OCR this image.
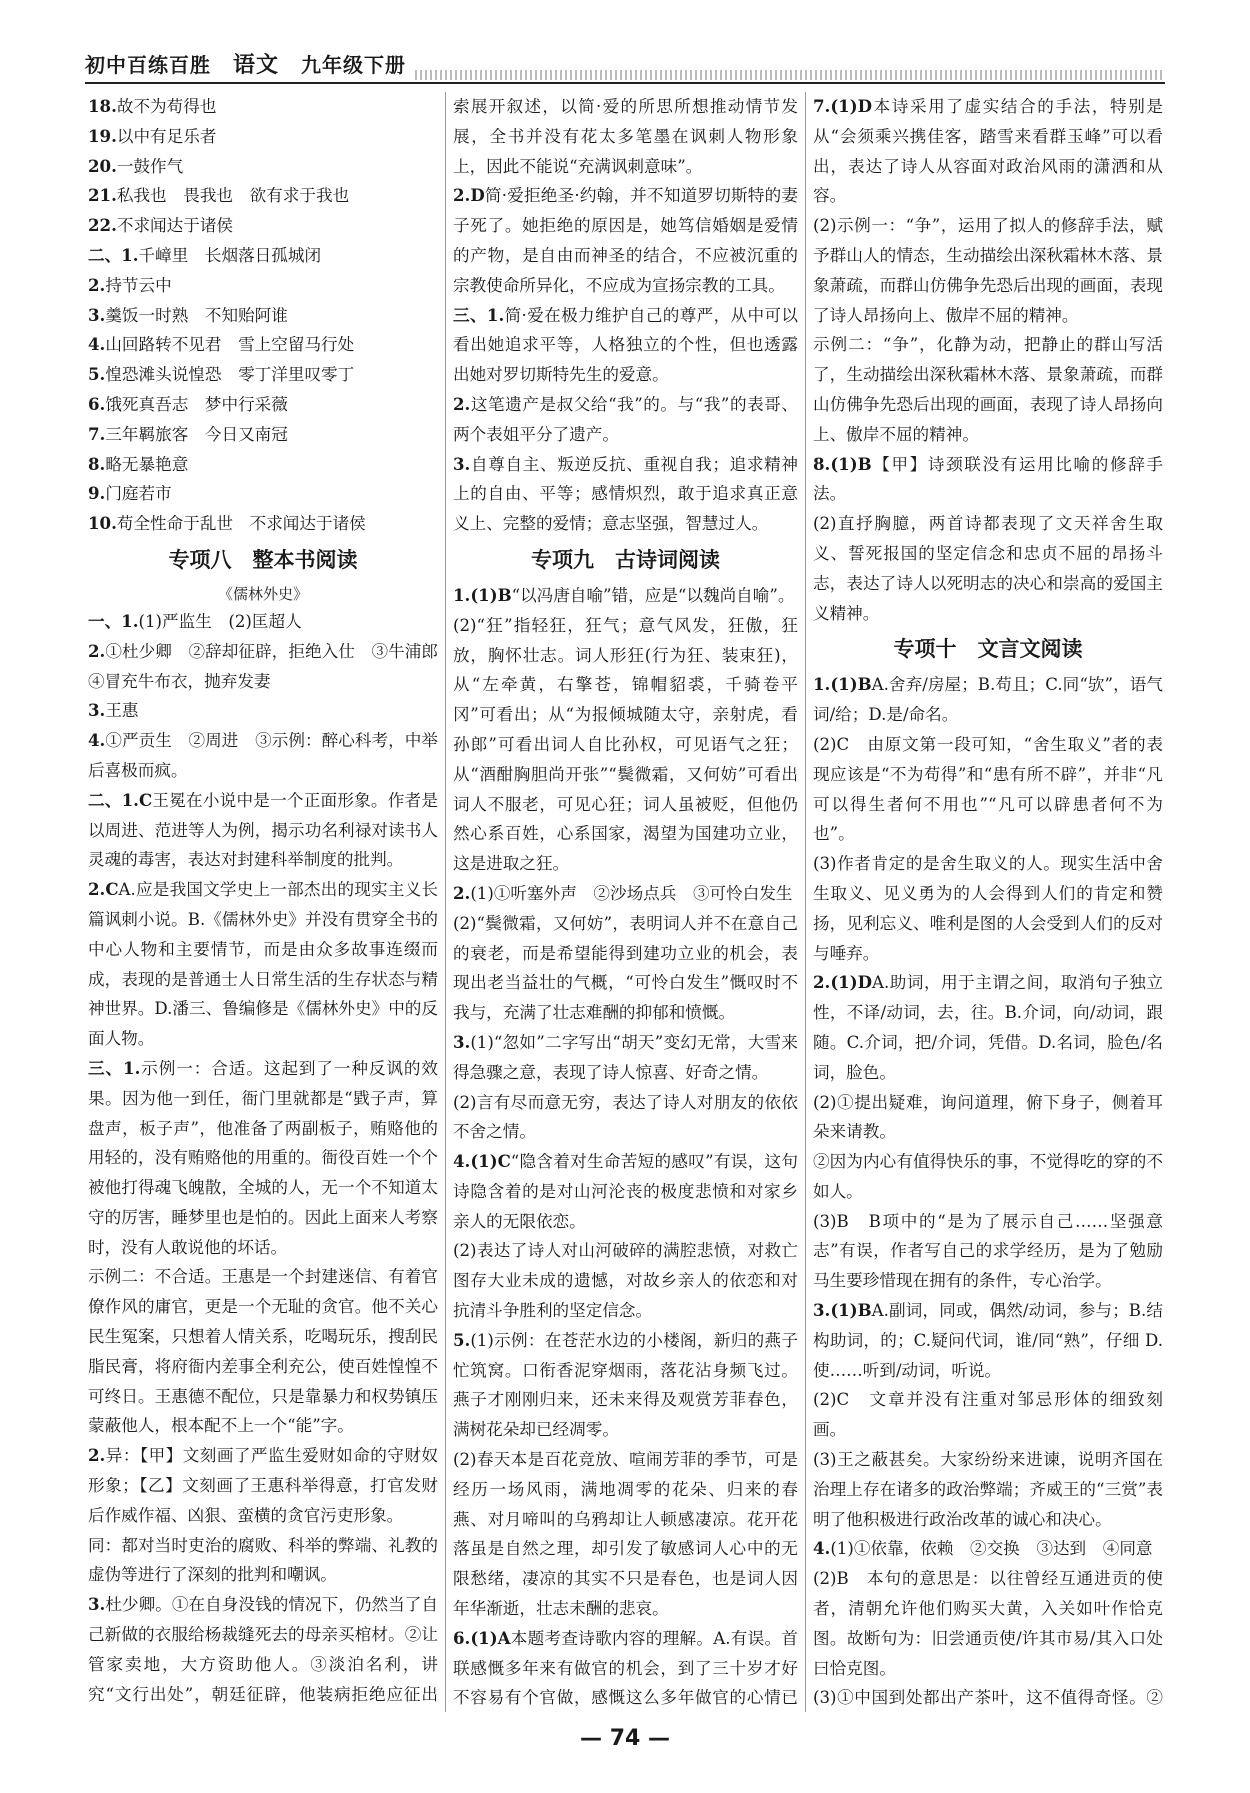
初中百练百胜 语文 九年级下册

18.故不为苟得也

19.以中有足乐者

20.一鼓作气

21.私我也　畏我也　欲有求于我也

22.不求闻达于诸侯

二、1.千嶂里　长烟落日孤城闭

2.持节云中

3.羹饭一时熟　不知贻阿谁

4.山回路转不见君　雪上空留马行处

5.惶恐滩头说惶恐　零丁洋里叹零丁

6.饿死真吾志　梦中行采薇

7.三年羁旅客　今日又南冠

8.略无暴艳意

9.门庭若市

10.苟全性命于乱世　不求闻达于诸侯

专项八　整本书阅读
《儒林外史》

一、1.(1)严监生　(2)匡超人

2.①杜少卿　②辞却征辟，拒绝入仕　③牛浦郎　④冒充牛布衣，抛弃发妻

3.王惠

4.①严贡生　②周进　③示例：醉心科考，中举后喜极而疯。

二、1.C王冕在小说中是一个正面形象。作者是以周进、范进等人为例，揭示功名利禄对读书人灵魂的毒害，表达对封建科举制度的批判。

2.CA.应是我国文学史上一部杰出的现实主义长篇讽刺小说。B.《儒林外史》并没有贯穿全书的中心人物和主要情节，而是由众多故事连缀而成，表现的是普通士人日常生活的生存状态与精神世界。D.潘三、鲁编修是《儒林外史》中的反面人物。

三、1.示例一：合适。这起到了一种反讽的效果。因为他一到任，衙门里就都是“戥子声，算盘声，板子声”，他准备了两副板子，贿赂他的用轻的，没有贿赂他的用重的。衙役百姓一个个被他打得魂飞魄散，全城的人，无一个不知道太守的厉害，睡梦里也是怕的。因此上面来人考察时，没有人敢说他的坏话。

示例二：不合适。王惠是一个封建迷信、有着官僚作风的庸官，更是一个无耻的贪官。他不关心民生冤案，只想着人情关系，吃喝玩乐，搜刮民脂民膏，将府衙内差事全利充公，使百姓惶惶不可终日。王惠德不配位，只是靠暴力和权势镇压蒙蔽他人，根本配不上一个“能”字。

2.异：【甲】文刻画了严监生爱财如命的守财奴形象；【乙】文刻画了王惠科举得意，打官发财后作威作福、凶狠、蛮横的贪官污吏形象。

同：都对当时吏治的腐败、科举的弊端、礼教的虚伪等进行了深刻的批判和嘲讽。

3.杜少卿。①在自身没钱的情况下，仍然当了自己新做的衣服给杨裁缝死去的母亲买棺材。②让管家卖地，大方资助他人。③淡泊名利，讲究“文行出处”，朝廷征辟，他装病拒绝应征出

索展开叙述，以简·爱的所思所想推动情节发展，全书并没有花太多笔墨在讽刺人物形象上，因此不能说“充满讽刺意味”。

2.D简·爱拒绝圣·约翰，并不知道罗切斯特的妻子死了。她拒绝的原因是，她笃信婚姻是爱情的产物，是自由而神圣的结合，不应被沉重的宗教使命所异化，不应成为宣扬宗教的工具。

三、1.简·爱在极力维护自己的尊严，从中可以看出她追求平等，人格独立的个性，但也透露出她对罗切斯特先生的爱意。

2.这笔遗产是叔父给“我”的。与“我”的表哥、两个表姐平分了遗产。

3.自尊自主、叛逆反抗、重视自我；追求精神上的自由、平等；感情炽烈，敢于追求真正意义上、完整的爱情；意志坚强，智慧过人。

专项九　古诗词阅读

1.(1)B“以冯唐自喻”错，应是“以魏尚自喻”。

(2)“狂”指轻狂，狂气；意气风发，狂傲，狂放，胸怀壮志。词人形狂(行为狂、装束狂)，从“左牵黄，右擎苍，锦帽貂裘，千骑卷平冈”可看出；从“为报倾城随太守，亲射虎，看孙郎”可看出词人自比孙权，可见语气之狂；从“酒酣胸胆尚开张”“鬓微霜，又何妨”可看出词人不服老，可见心狂；词人虽被贬，但他仍然心系百姓，心系国家，渴望为国建功立业，这是进取之狂。

2.(1)①听塞外声　②沙场点兵　③可怜白发生

(2)“鬓微霜，又何妨”，表明词人并不在意自己的衰老，而是希望能得到建功立业的机会，表现出老当益壮的气概，“可怜白发生”慨叹时不我与，充满了壮志难酬的抑郁和愤慨。

3.(1)“忽如”二字写出“胡天”变幻无常，大雪来得急骤之意，表现了诗人惊喜、好奇之情。

(2)言有尽而意无穷，表达了诗人对朋友的依依不舍之情。

4.(1)C“隐含着对生命苦短的感叹”有误，这句诗隐含着的是对山河沦丧的极度悲愤和对家乡亲人的无限依恋。

(2)表达了诗人对山河破碎的满腔悲愤，对救亡图存大业未成的遗憾，对故乡亲人的依恋和对抗清斗争胜利的坚定信念。

5.(1)示例：在苍茫水边的小楼阁，新归的燕子忙筑窝。口衔香泥穿烟雨，落花沾身频飞过。燕子才刚刚归来，还未来得及观赏芳菲春色，满树花朵却已经凋零。

(2)春天本是百花竞放、喧闹芳菲的季节，可是经历一场风雨，满地凋零的花朵、归来的春燕、对月啼叫的乌鸦却让人顿感凄凉。花开花落虽是自然之理，却引发了敏感词人心中的无限愁绪，凄凉的其实不只是春色，也是词人因年华渐逝，壮志未酬的悲哀。

6.(1)A本题考查诗歌内容的理解。A.有误。首联感慨多年来有做官的机会，到了三十岁才好不容易有个官做，感慨这么多年做官的心情已

7.(1)D本诗采用了虚实结合的手法，特别是从“会须乘兴携佳客，踏雪来看群玉峰”可以看出，表达了诗人从容面对政治风雨的潇洒和从容。

(2)示例一：“争”，运用了拟人的修辞手法，赋予群山人的情态，生动描绘出深秋霜林木落、景象萧疏，而群山仿佛争先恐后出现的画面，表现了诗人昂扬向上、傲岸不屈的精神。

示例二：“争”，化静为动，把静止的群山写活了，生动描绘出深秋霜林木落、景象萧疏，而群山仿佛争先恐后出现的画面，表现了诗人昂扬向上、傲岸不屈的精神。

8.(1)B【甲】诗颈联没有运用比喻的修辞手法。

(2)直抒胸臆，两首诗都表现了文天祥舍生取义、誓死报国的坚定信念和忠贞不屈的昂扬斗志，表达了诗人以死明志的决心和崇高的爱国主义精神。

专项十　文言文阅读

1.(1)BA.舍弃/房屋；B.苟且；C.同“欤”，语气词/给；D.是/命名。

(2)C　由原文第一段可知，“舍生取义”者的表现应该是“不为苟得”和“患有所不辟”，并非“凡可以得生者何不用也”“凡可以辟患者何不为也”。

(3)作者肯定的是舍生取义的人。现实生活中舍生取义、见义勇为的人会得到人们的肯定和赞扬，见利忘义、唯利是图的人会受到人们的反对与唾弃。

2.(1)DA.助词，用于主谓之间，取消句子独立性，不译/动词，去，往。B.介词，向/动词，跟随。C.介词，把/介词，凭借。D.名词，脸色/名词，脸色。

(2)①提出疑难，询问道理，俯下身子，侧着耳朵来请教。

②因为内心有值得快乐的事，不觉得吃的穿的不如人。

(3)B　B项中的“是为了展示自己……坚强意志”有误，作者写自己的求学经历，是为了勉励马生要珍惜现在拥有的条件，专心治学。

3.(1)BA.副词，同或，偶然/动词，参与；B.结构助词，的；C.疑问代词，谁/同“熟”，仔细 D.使……听到/动词，听说。

(2)C　文章并没有注重对邹忌形体的细致刻画。

(3)王之蔽甚矣。大家纷纷来进谏，说明齐国在治理上存在诸多的政治弊端；齐威王的“三赏”表明了他积极进行政治改革的诚心和决心。

4.(1)①依靠，依赖　②交换　③达到　④同意

(2)B　本句的意思是：以往曾经互通进贡的使者，清朝允许他们购买大黄，入关如叶作恰克图。故断句为：旧尝通贡使/许其市易/其入口处曰恰克图。

(3)①中国到处都出产茶叶，这不值得奇怪。②

— 74 —
